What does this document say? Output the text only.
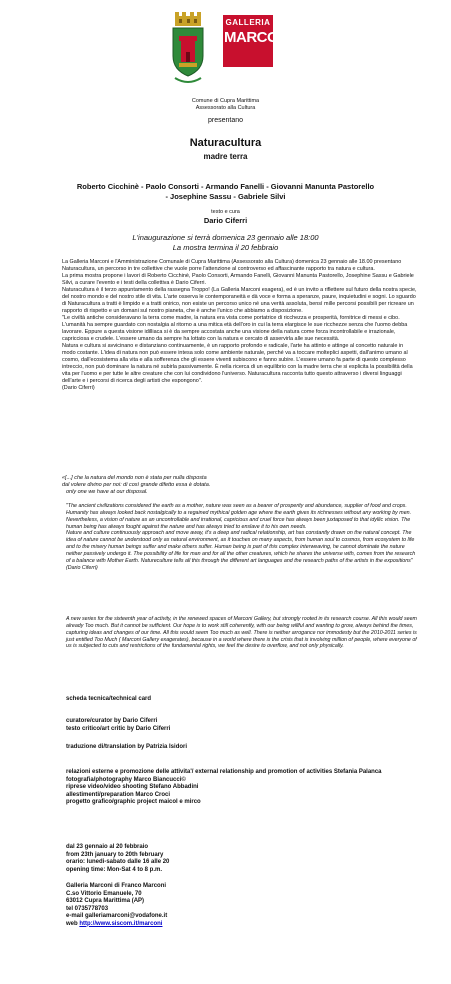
GALLERIA
MARCONI
Comune di Cupra Marittima
Assessorato alla Cultura
presentano
Naturacultura
madre terra
Roberto Cicchinè - Paolo Consorti - Armando Fanelli - Giovanni Manunta Pastorello
- Josephine Sassu - Gabriele Silvi
testo e cura
Dario Ciferri
L'inaugurazione si terrà domenica 23 gennaio alle 18:00
La mostra termina il 20 febbraio

La Galleria Marconi e l'Amministrazione Comunale di Cupra Marittima (Assessorato alla Cultura) domenica 23 gennaio alle 18.00 presentano Naturacultura, un percorso in tre collettive che vuole porre l'attenzione al controverso ed affascinante rapporto tra natura e cultura.

La prima mostra propone i lavori di Roberto Cicchinè, Paolo Consorti, Armando Fanelli, Giovanni Manunta Pastorello, Josephine Sassu e Gabriele Silvi, a curare l'evento e i testi della collettiva è Dario Ciferri.

Naturacultura è il terzo appuntamento della rassegna Troppo! (La Galleria Marconi esagera), ed è un invito a riflettere sul futuro della nostra specie, del nostro mondo e del nostro stile di vita. L'arte osserva le contemporaneità e dà voce e forma a speranze, paure, inquietudini e sogni. Lo sguardo di Naturacultura a tratti è limpido e a tratti onirico, non esiste un percorso unico né una verità assoluta, bensì mille percorsi possibili per ricreare un rapporto di rispetto e un domani sul nostro pianeta, che è anche l'unico che abbiamo a disposizione.

"Le civiltà antiche consideravano la terra come madre, la natura era vista come portatrice di ricchezza e prosperità, fornitrice di messi e cibo. L'umanità ha sempre guardato con nostalgia al ritorno a una mitica età dell'oro in cui la terra elargisce le sue ricchezze senza che l'uomo debba lavorare. Eppure a questa visione idilliaca si è da sempre accostata anche una visione della natura come forza incontrollabile e irrazionale, capricciosa e crudele. L'essere umano da sempre ha lottato con la natura e cercato di asservirla alle sue necessità.

Natura e cultura si avvicinano e distanziano continuamente, è un rapporto profondo e radicale, l'arte ha attinto e attinge al concetto naturale in modo costante. L'idea di natura non può essere intesa solo come ambiente naturale, perché va a toccare molteplici aspetti, dall'animo umano al cosmo, dall'ecosistema alla vita e alla sofferenza che gli essere viventi subiscono e fanno subire. L'essere umano fa parte di questo complesso intreccio, non può dominare la natura né subirla passivamente. È nella ricerca di un equilibrio con la madre terra che si esplicita la possibilità della vita per l'uomo e per tutte le altre creature che con lui condividono l'universo. Naturacultura racconta tutto questo attraverso i diversi linguaggi dell'arte e i percorsi di ricerca degli artisti che espongono".

(Dario Ciferri)

«[...] che la natura del mondo non è stata per nulla disposta
dal volere divino per noi: di così grande difetto essa è dotata.
only one we have at our disposal.

"The ancient civilizations considered the earth as a mother, nature was seen as a bearer of prosperity and abundance, supplier of food and crops. Humanity has always looked back nostalgically to a regained mythical golden age where the earth gives its richnesses without any working by men. Nevertheless, a vision of nature as an uncontrollable and irrational, capricious and cruel force has always been juxtaposed to that idyllic vision. The human being has always fought against the nature and has always tried to enslave it to his own needs.

Nature and culture continuously approach and move away, it's a deep and radical relationship, art has constantly drawn on the natural concept. The idea of nature cannot be understood only as natural environment, as it touches on many aspects, from human soul to cosmos, from ecosystem to life and to the misery human beings suffer and make others suffer. Human being is part of this complex interweaving, he cannot dominate the nature neither passively undergo it. The possibility of life for man and for all the other creatures, which he shares the universe with, comes from the research of a balance with Mother Earth. Natureculture tells all this through the different art languages and the research paths of the artists in the expositions"

(Dario Ciferri)

A new series for the sixteenth year of activity, in the renewed spaces of Marconi Gallery, but strongly rooted in its research course. All this would seem already Too much. But it cannot be sufficient. Our hope is to work still coherently, with our being willful and wanting to grow, always behind the times, capturing ideas and changes of our time. All this would seem Too much as well. There is neither arrogance nor immodesty but the 2010-2011 series is just entitled Too Much ( Marconi Gallery exagerates), because in a world where there is the crisis that is involving million of people, where everyone of us is subjected to cuts and restrictions of the fundamental rights, we feel the desire to overflow, and not only physically.

scheda tecnica/technical card
curatore/curator by Dario Ciferri
testo critico/art critic by Dario Ciferri
traduzione di/translation by Patrizia Isidori
relazioni esterne e promozione delle attivita'/ external relationship and promotion of activities Stefania Palanca
fotografia/photography Marco Biancucci©
riprese video/video shooting Stefano Abbadini
allestimenti/preparation Marco Croci
progetto grafico/graphic project maicol e mirco
dal 23 gennaio al 20 febbraio
from 23th january to 20th february
orario: lunedi-sabato dalle 16 alle 20
opening time: Mon-Sat 4 to 8 p.m.
Galleria Marconi di Franco Marconi
C.so Vittorio Emanuele, 70
63012 Cupra Marittima (AP)
tel 0735778703
e-mail galleriamarconi@vodafone.it
web http://www.siscom.it/marconi
